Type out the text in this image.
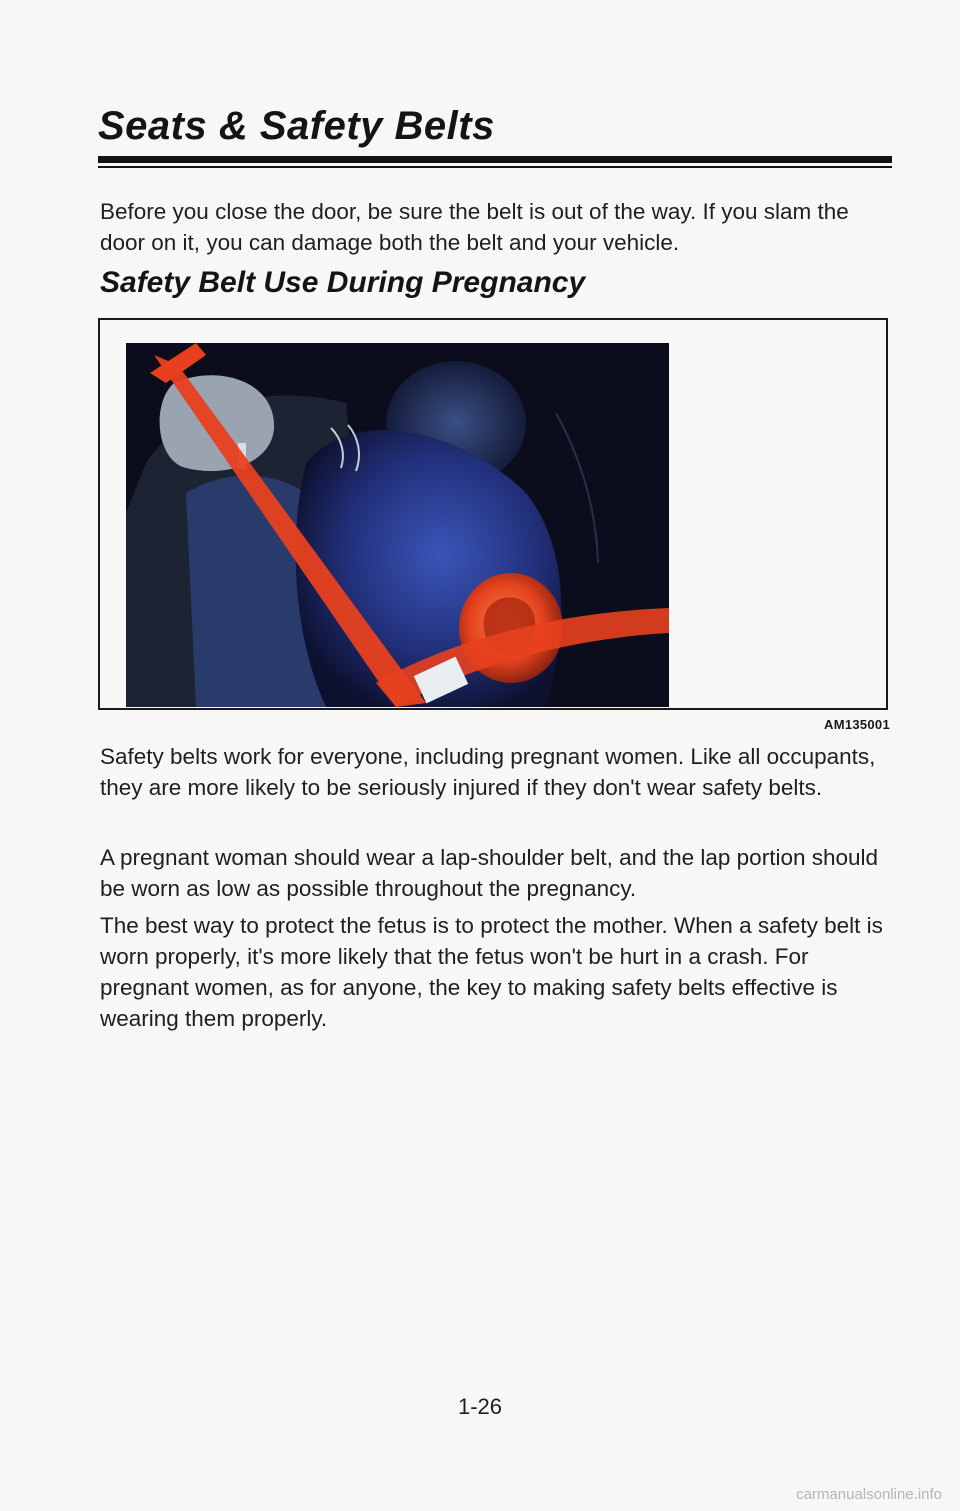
Seats & Safety Belts

Before you close the door, be sure the belt is out of the way. If you slam the door on it, you can damage both the belt and your vehicle.

Safety Belt Use During Pregnancy

AM135001

Safety belts work for everyone, including pregnant women. Like all occupants, they are more likely to be seriously injured if they don't wear safety belts.

A pregnant woman should wear a lap-shoulder belt, and the lap portion should be worn as low as possible throughout the pregnancy.

The best way to protect the fetus is to protect the mother. When a safety belt is worn properly, it's more likely that the fetus won't be hurt in a crash. For pregnant women, as for anyone, the key to making safety belts effective is wearing them properly.

1-26

carmanualsonline.info
